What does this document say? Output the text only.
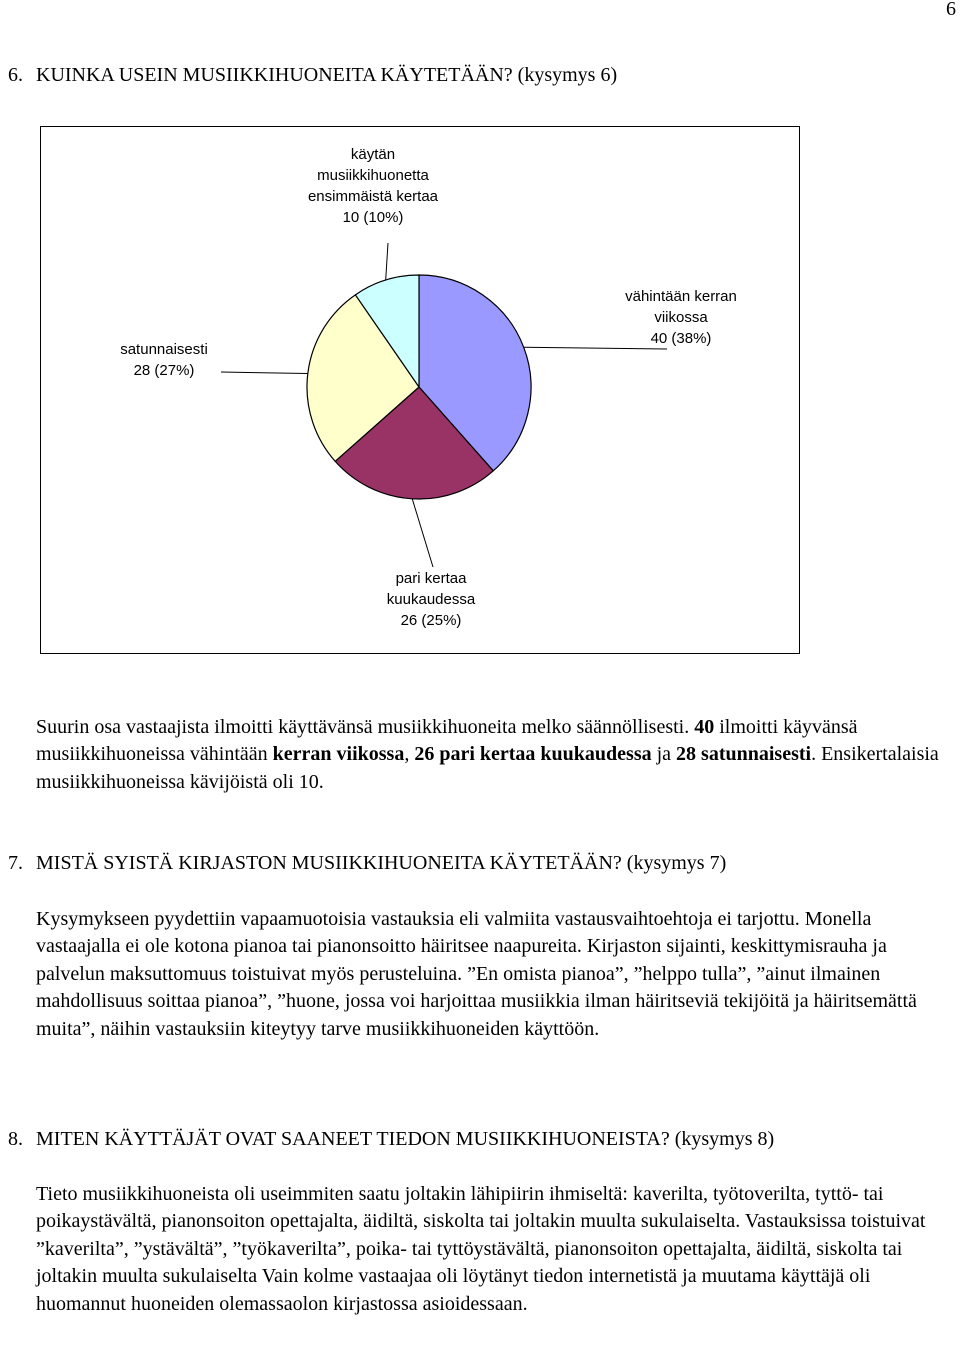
6
6. KUINKA USEIN MUSIIKKIHUONEITA KÄYTETÄÄN? (kysymys 6)
käytän
musiikkihuonetta
ensimmäistä kertaa
10 (10%)
vähintään kerran
viikossa
40 (38%)
satunnaisesti
28 (27%)
pari kertaa
kuukaudessa
26 (25%)

Suurin osa vastaajista ilmoitti käyttävänsä musiikkihuoneita melko säännöllisesti. 40 ilmoitti käyvänsä musiikkihuoneissa vähintään kerran viikossa, 26 pari kertaa kuukaudessa ja 28 satunnaisesti. Ensikertalaisia musiikkihuoneissa kävijöistä oli 10.

7. MISTÄ SYISTÄ KIRJASTON MUSIIKKIHUONEITA KÄYTETÄÄN? (kysymys 7)

Kysymykseen pyydettiin vapaamuotoisia vastauksia eli valmiita vastausvaihtoehtoja ei tarjottu. Monella vastaajalla ei ole kotona pianoa tai pianonsoitto häiritsee naapureita. Kirjaston sijainti, keskittymisrauha ja palvelun maksuttomuus toistuivat myös perusteluina. ”En omista pianoa”, ”helppo tulla”, ”ainut ilmainen mahdollisuus soittaa pianoa”, ”huone, jossa voi harjoittaa musiikkia ilman häiritseviä tekijöitä ja häiritsemättä muita”, näihin vastauksiin kiteytyy tarve musiikkihuoneiden käyttöön.

8. MITEN KÄYTTÄJÄT OVAT SAANEET TIEDON MUSIIKKIHUONEISTA? (kysymys 8)

Tieto musiikkihuoneista oli useimmiten saatu joltakin lähipiirin ihmiseltä: kaverilta, työtoverilta, tyttö- tai poikaystävältä, pianonsoiton opettajalta, äidiltä, siskolta tai joltakin muulta sukulaiselta. Vastauksissa toistuivat ”kaverilta”, ”ystävältä”, ”työkaverilta”, poika- tai tyttöystävältä, pianonsoiton opettajalta, äidiltä, siskolta tai joltakin muulta sukulaiselta Vain kolme vastaajaa oli löytänyt tiedon internetistä ja muutama käyttäjä oli huomannut huoneiden olemassaolon kirjastossa asioidessaan.
